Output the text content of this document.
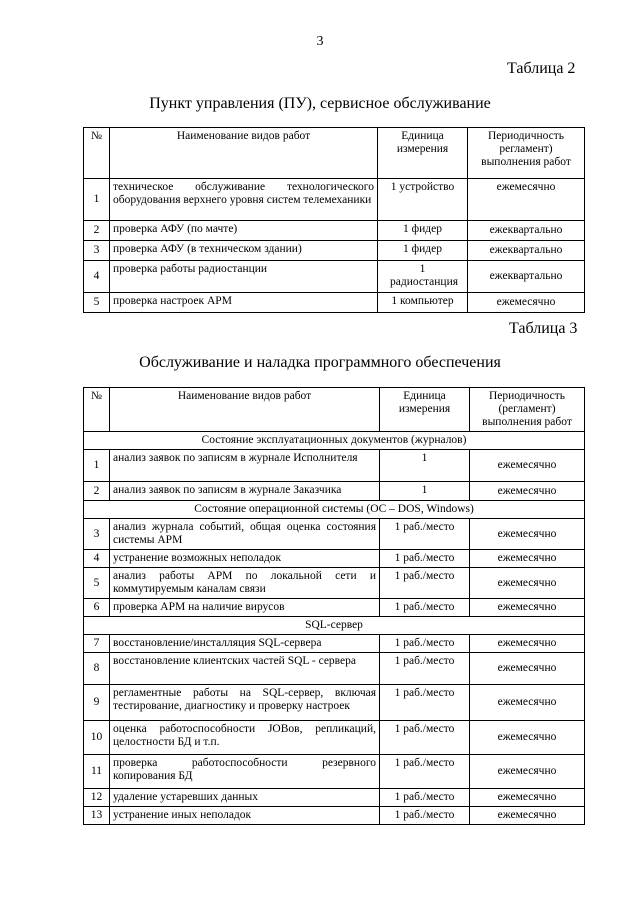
3
Таблица 2
Пункт управления (ПУ), сервисное обслуживание
№	Наименование видов работ	Единица измерения	Периодичность регламент) выполнения работ
1	техническое обслуживание технологического оборудования верхнего уровня систем телемеханики	1 устройство	ежемесячно
2	проверка АФУ (по мачте)	1 фидер	ежеквартально
3	проверка АФУ (в техническом здании)	1 фидер	ежеквартально
4	проверка работы радиостанции	1 радиостанция	ежеквартально
5	проверка настроек АРМ	1 компьютер	ежемесячно
Таблица 3
Обслуживание и наладка программного обеспечения
№	Наименование видов работ	Единица измерения	Периодичность (регламент) выполнения работ
Состояние эксплуатационных документов (журналов)			
1	анализ заявок по записям в журнале Исполнителя	1	ежемесячно
2	анализ заявок по записям в журнале Заказчика	1	ежемесячно
Состояние операционной системы (ОС – DOS, Windows)			
3	анализ журнала событий, общая оценка состояния системы АРМ	1 раб./место	ежемесячно
4	устранение возможных неполадок	1 раб./место	ежемесячно
5	анализ работы АРМ по локальной сети и коммутируемым каналам связи	1 раб./место	ежемесячно
6	проверка АРМ на наличие вирусов	1 раб./место	ежемесячно
SQL-сервер			
7	восстановление/инсталляция SQL-сервера	1 раб./место	ежемесячно
8	восстановление клиентских частей SQL - сервера	1 раб./место	ежемесячно
9	регламентные работы на SQL-сервер, включая тестирование, диагностику и проверку настроек	1 раб./место	ежемесячно
10	оценка работоспособности JOBов, репликаций, целостности БД и т.п.	1 раб./место	ежемесячно
11	проверка работоспособности резервного копирования БД	1 раб./место	ежемесячно
12	удаление устаревших данных	1 раб./место	ежемесячно
13	устранение иных неполадок	1 раб./место	ежемесячно
